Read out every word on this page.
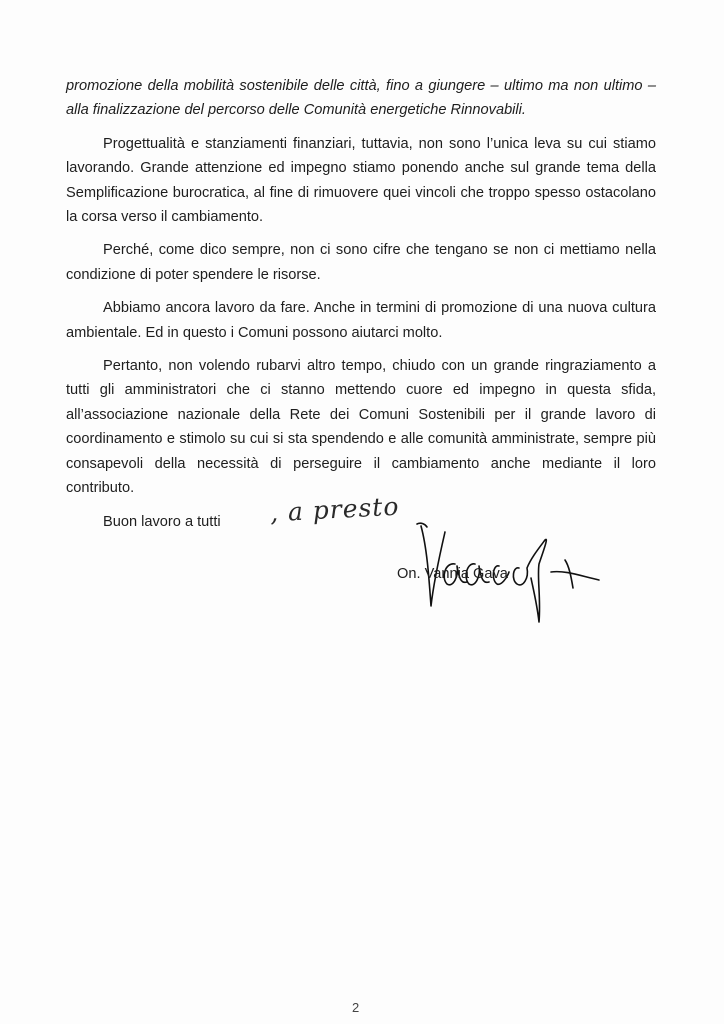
promozione della mobilità sostenibile delle città, fino a giungere – ultimo ma non ultimo –
alla finalizzazione del percorso delle Comunità energetiche Rinnovabili.
Progettualità e stanziamenti finanziari, tuttavia, non sono l’unica leva su cui stiamo
lavorando. Grande attenzione ed impegno stiamo ponendo anche sul grande tema della
Semplificazione burocratica, al fine di rimuovere quei vincoli che troppo spesso ostacolano
la corsa verso il cambiamento.
Perché, come dico sempre, non ci sono cifre che tengano se non ci mettiamo nella
condizione di poter spendere le risorse.
Abbiamo ancora lavoro da fare. Anche in termini di promozione di una nuova cultura
ambientale. Ed in questo i Comuni possono aiutarci molto.
Pertanto, non volendo rubarvi altro tempo, chiudo con un grande ringraziamento a
tutti gli amministratori che ci stanno mettendo cuore ed impegno in questa sfida,
all’associazione nazionale della Rete dei Comuni Sostenibili per il grande lavoro di
coordinamento e stimolo su cui si sta spendendo e alle comunità amministrate, sempre più
consapevoli della necessità di perseguire il cambiamento anche mediante il loro
contributo.
Buon lavoro a tutti , a presto
On. Vannia Gava
2
